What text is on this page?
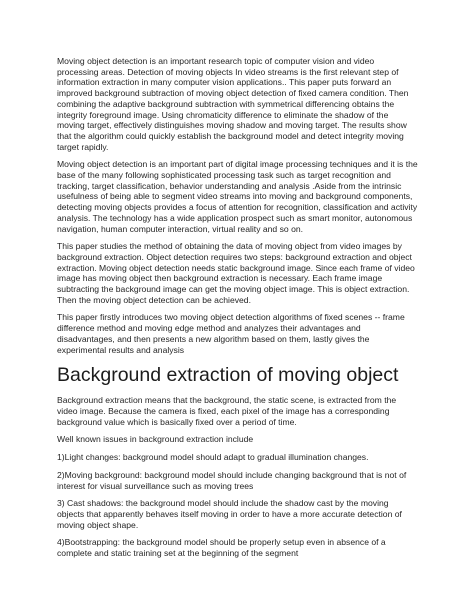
Moving object detection is an important research topic of computer vision and video processing areas. Detection of moving objects In video streams is the first relevant step of information extraction in many computer vision applications.. This paper puts forward an improved background subtraction of moving object detection of fixed camera condition. Then combining the adaptive background subtraction with symmetrical differencing obtains the integrity foreground image. Using chromaticity difference to eliminate the shadow of the moving target, effectively distinguishes moving shadow and moving target. The results show that the algorithm could quickly establish the background model and detect integrity moving target rapidly.

Moving object detection is an important part of digital image processing techniques and it is the base of the many following sophisticated processing task such as target recognition and tracking, target classification, behavior understanding and analysis .Aside from the intrinsic usefulness of being able to segment video streams into moving and background components, detecting moving objects provides a focus of attention for recognition, classification and activity analysis. The technology has a wide application prospect such as smart monitor, autonomous navigation, human computer interaction, virtual reality and so on.

This paper studies the method of obtaining the data of moving object from video images by background extraction. Object detection requires two steps: background extraction and object extraction. Moving object detection needs static background image. Since each frame of video image has moving object then background extraction is necessary. Each frame image subtracting the background image can get the moving object image. This is object extraction. Then the moving object detection can be achieved.

This paper firstly introduces two moving object detection algorithms of fixed scenes -- frame difference method and moving edge method and analyzes their advantages and disadvantages, and then presents a new algorithm based on them, lastly gives the experimental results and analysis

Background extraction of moving object

Background extraction means that the background, the static scene, is extracted from the video image. Because the camera is fixed, each pixel of the image has a corresponding background value which is basically fixed over a period of time.

Well known issues in background extraction include

1)Light changes: background model should adapt to gradual illumination changes.

2)Moving background: background model should include changing background that is not of interest for visual surveillance such as moving trees

3) Cast shadows: the background model should include the shadow cast by the moving objects that apparently behaves itself moving in order to have a more accurate detection of moving object shape.

4)Bootstrapping: the background model should be properly setup even in absence of a complete and static training set at the beginning of the segment
